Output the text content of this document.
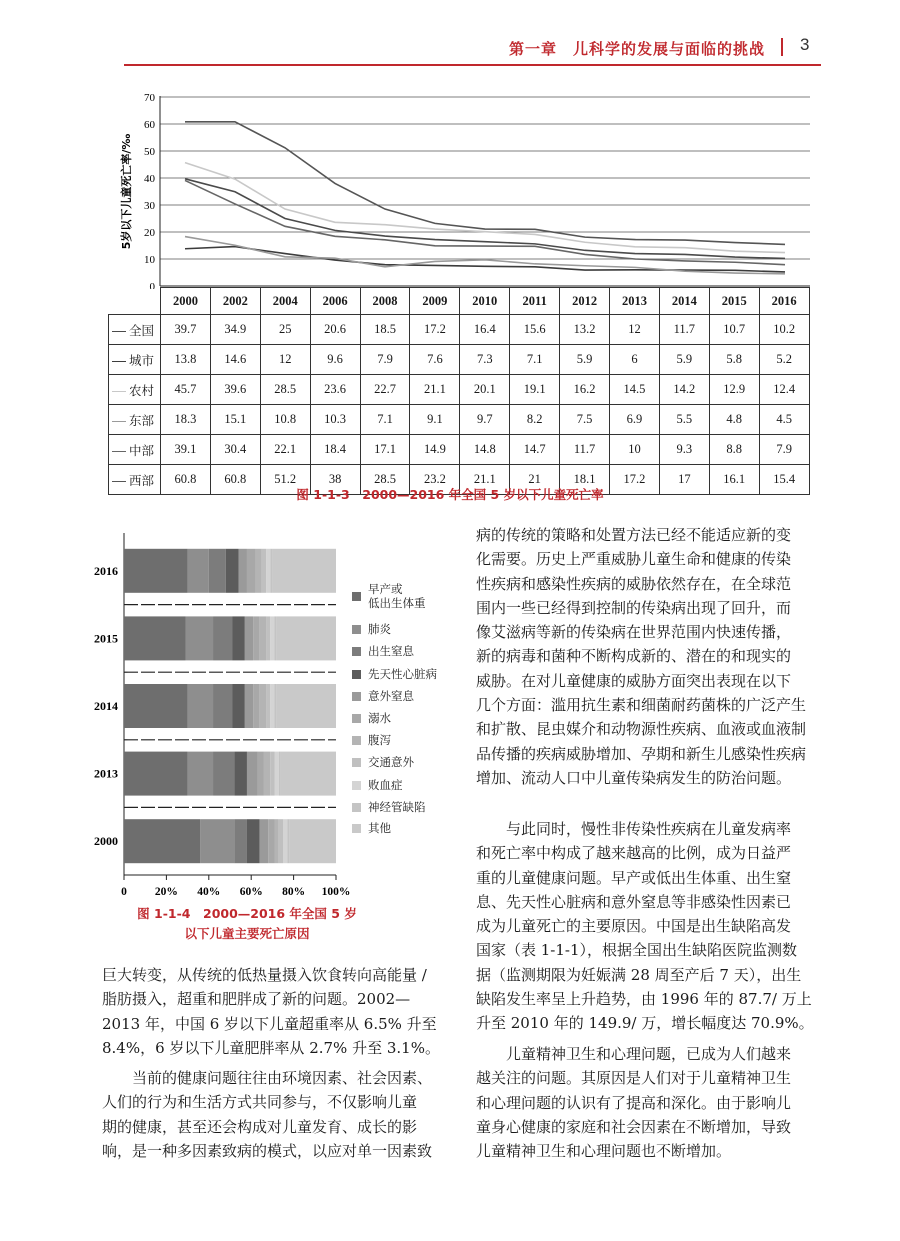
第一章　儿科学的发展与面临的挑战 3
0
10
20
30
40
50
60
70
5岁以下儿童死亡率/‰
	2000	2002	2004	2006	2008	2009	2010	2011	2012	2013	2014	2015	2016
全国	39.7	34.9	25	20.6	18.5	17.2	16.4	15.6	13.2	12	11.7	10.7	10.2
城市	13.8	14.6	12	9.6	7.9	7.6	7.3	7.1	5.9	6	5.9	5.8	5.2
农村	45.7	39.6	28.5	23.6	22.7	21.1	20.1	19.1	16.2	14.5	14.2	12.9	12.4
东部	18.3	15.1	10.8	10.3	7.1	9.1	9.7	8.2	7.5	6.9	5.5	4.8	4.5
中部	39.1	30.4	22.1	18.4	17.1	14.9	14.8	14.7	11.7	10	9.3	8.8	7.9
西部	60.8	60.8	51.2	38	28.5	23.2	21.1	21	18.1	17.2	17	16.1	15.4
图 1-1-3　2000—2016 年全国 5 岁以下儿童死亡率
0 20% 40% 60% 80% 100%
2016
2015
2014
2013
2000
早产或
低出生体重
肺炎
出生窒息
先天性心脏病
意外窒息
溺水
腹泻
交通意外
败血症
神经管缺陷
其他
图 1-1-4　2000—2016 年全国 5 岁
以下儿童主要死亡原因
病的传统的策略和处置方法已经不能适应新的变
化需要。历史上严重威胁儿童生命和健康的传染
性疾病和感染性疾病的威胁依然存在，在全球范
围内一些已经得到控制的传染病出现了回升，而
像艾滋病等新的传染病在世界范围内快速传播，
新的病毒和菌种不断构成新的、潜在的和现实的
威胁。在对儿童健康的威胁方面突出表现在以下
几个方面：滥用抗生素和细菌耐药菌株的广泛产生
和扩散、昆虫媒介和动物源性疾病、血液或血液制
品传播的疾病威胁增加、孕期和新生儿感染性疾病
增加、流动人口中儿童传染病发生的防治问题。
与此同时，慢性非传染性疾病在儿童发病率
和死亡率中构成了越来越高的比例，成为日益严
重的儿童健康问题。早产或低出生体重、出生窒
息、先天性心脏病和意外窒息等非感染性因素已
成为儿童死亡的主要原因。中国是出生缺陷高发
国家（表 1-1-1），根据全国出生缺陷医院监测数
据（监测期限为妊娠满 28 周至产后 7 天），出生
缺陷发生率呈上升趋势，由 1996 年的 87.7/ 万上
升至 2010 年的 149.9/ 万，增长幅度达 70.9%。
儿童精神卫生和心理问题，已成为人们越来
越关注的问题。其原因是人们对于儿童精神卫生
和心理问题的认识有了提高和深化。由于影响儿
童身心健康的家庭和社会因素在不断增加，导致
儿童精神卫生和心理问题也不断增加。
巨大转变，从传统的低热量摄入饮食转向高能量 /
脂肪摄入，超重和肥胖成了新的问题。2002—
2013 年，中国 6 岁以下儿童超重率从 6.5% 升至
8.4%，6 岁以下儿童肥胖率从 2.7% 升至 3.1%。
当前的健康问题往往由环境因素、社会因素、
人们的行为和生活方式共同参与，不仅影响儿童
期的健康，甚至还会构成对儿童发育、成长的影
响，是一种多因素致病的模式，以应对单一因素致
